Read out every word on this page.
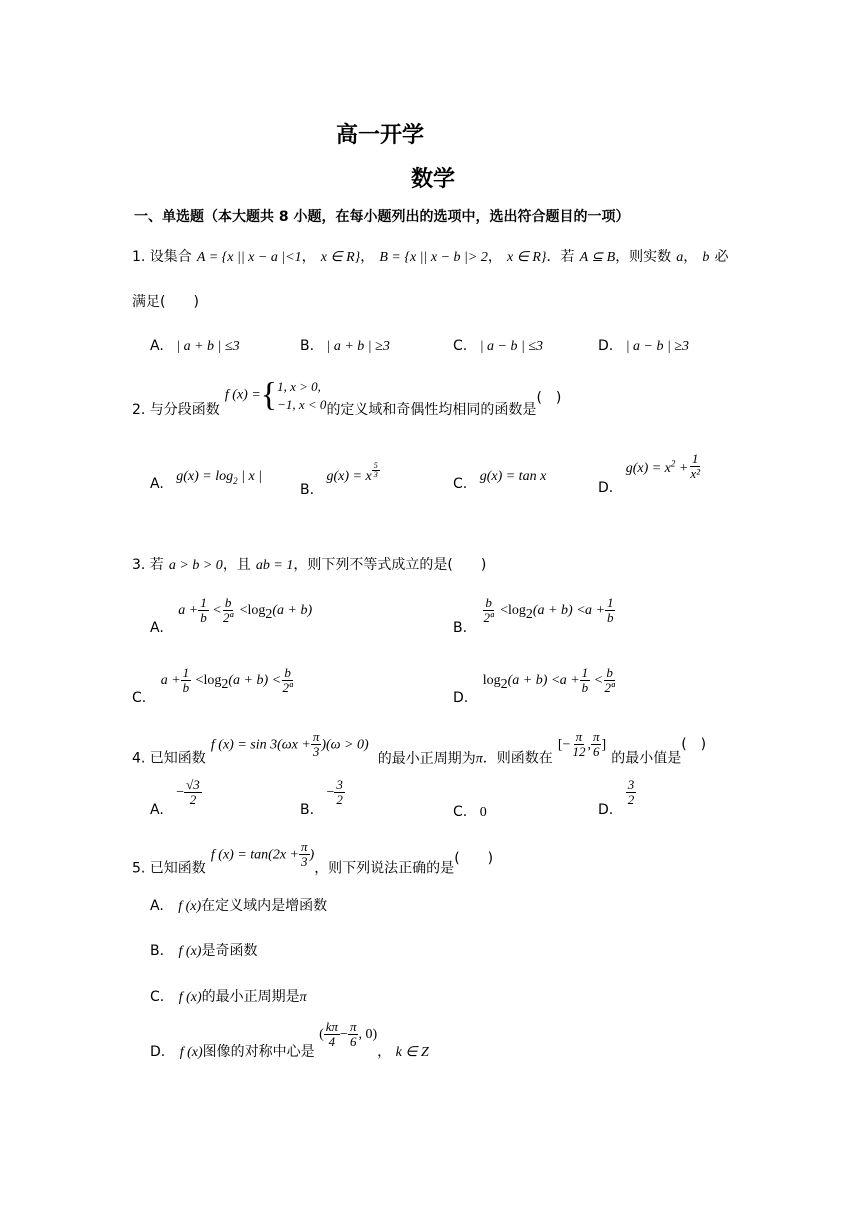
高一开学
数学
一、单选题（本大题共 8 小题，在每小题列出的选项中，选出符合题目的一项）
1. 设集合 A = {x || x − a |<1， x ∈ R}， B = {x || x − b |> 2， x ∈ R}．若 A ⊆ B，则实数 a， b 必
满足(　　)
A. | a + b | ≤3	B. | a + b | ≥3	C. | a − b | ≤3	D. | a − b | ≥3
2. 与分段函数 f (x) ={1, x > 0,
−1, x < 0的定义域和奇偶性均相同的函数是(　)
A. $g(x) = \log_2$ | x |
B. g(x) = x $\frac{5}{3}$
C. g(x) = tan x
D. $g(x) = x^2 + \frac{1}{\text{x²}}$
3. 若 a > b > 0，且 ab = 1，则下列不等式成立的是(　　)
A. $a + \frac{1}{b} < \frac{b}{\text{2ª}} <\log_2(a + b)$
B.
$\frac{b}{\text{2ª}} <\log_2(a + b) <a + \frac{1}{b}$
C. $a + \frac{1}{b} <\log_2(a + b) < \frac{b}{\text{2ª}}$
D. $\log_2(a + b) <a + \frac{1}{b} < \frac{b}{\text{2ª}}$
4. 已知函数 f $(x) = \sin 3(\omega x + \frac{\pi}{3} )(\omega > 0)$ 的最小正周期为π．则函数在 [− $\frac{\pi}{12}$ , $\frac{\pi}{6}$ ] 的最小值是(　)
A. − $\frac{√3}{2}$
B. − $\frac{3}{2}$
C. 0	D.
$\frac{3}{2}$
5. 已知函数 f $(x) = \tan(2x + \frac{\pi}{3}$ )，则下列说法正确的是(　　)
A. f (x)在定义域内是增函数
B. f (x)是奇函数
C. f (x)的最小正周期是π
D. f (x)图像的对称中心是 ( $\frac{k\pi}{4} - \frac{\pi}{6}$ , 0)， k ∈ Z
